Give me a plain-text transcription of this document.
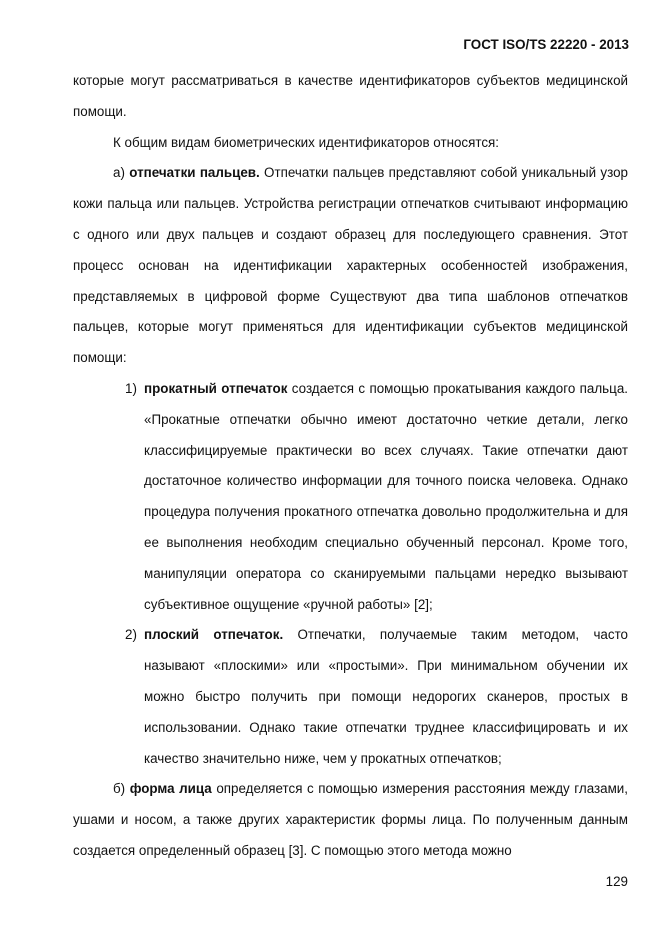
ГОСТ ISO/TS 22220 - 2013

которые могут рассматриваться в качестве идентификаторов субъектов медицинской помощи.

К общим видам биометрических идентификаторов относятся:

а) отпечатки пальцев. Отпечатки пальцев представляют собой уникальный узор кожи пальца или пальцев. Устройства регистрации отпечатков считывают информацию с одного или двух пальцев и создают образец для последующего сравнения. Этот процесс основан на идентификации характерных особенностей изображения, представляемых в цифровой форме Существуют два типа шаблонов отпечатков пальцев, которые могут применяться для идентификации субъектов медицинской помощи:

1) прокатный отпечаток создается с помощью прокатывания каждого пальца. «Прокатные отпечатки обычно имеют достаточно четкие детали, легко классифицируемые практически во всех случаях. Такие отпечатки дают достаточное количество информации для точного поиска человека. Однако процедура получения прокатного отпечатка довольно продолжительна и для ее выполнения необходим специально обученный персонал. Кроме того, манипуляции оператора со сканируемыми пальцами нередко вызывают субъективное ощущение «ручной работы» [2];
2) плоский отпечаток. Отпечатки, получаемые таким методом, часто называют «плоскими» или «простыми». При минимальном обучении их можно быстро получить при помощи недорогих сканеров, простых в использовании. Однако такие отпечатки труднее классифицировать и их качество значительно ниже, чем у прокатных отпечатков;

б) форма лица определяется с помощью измерения расстояния между глазами, ушами и носом, а также других характеристик формы лица. По полученным данным создается определенный образец [3]. С помощью этого метода можно

129
